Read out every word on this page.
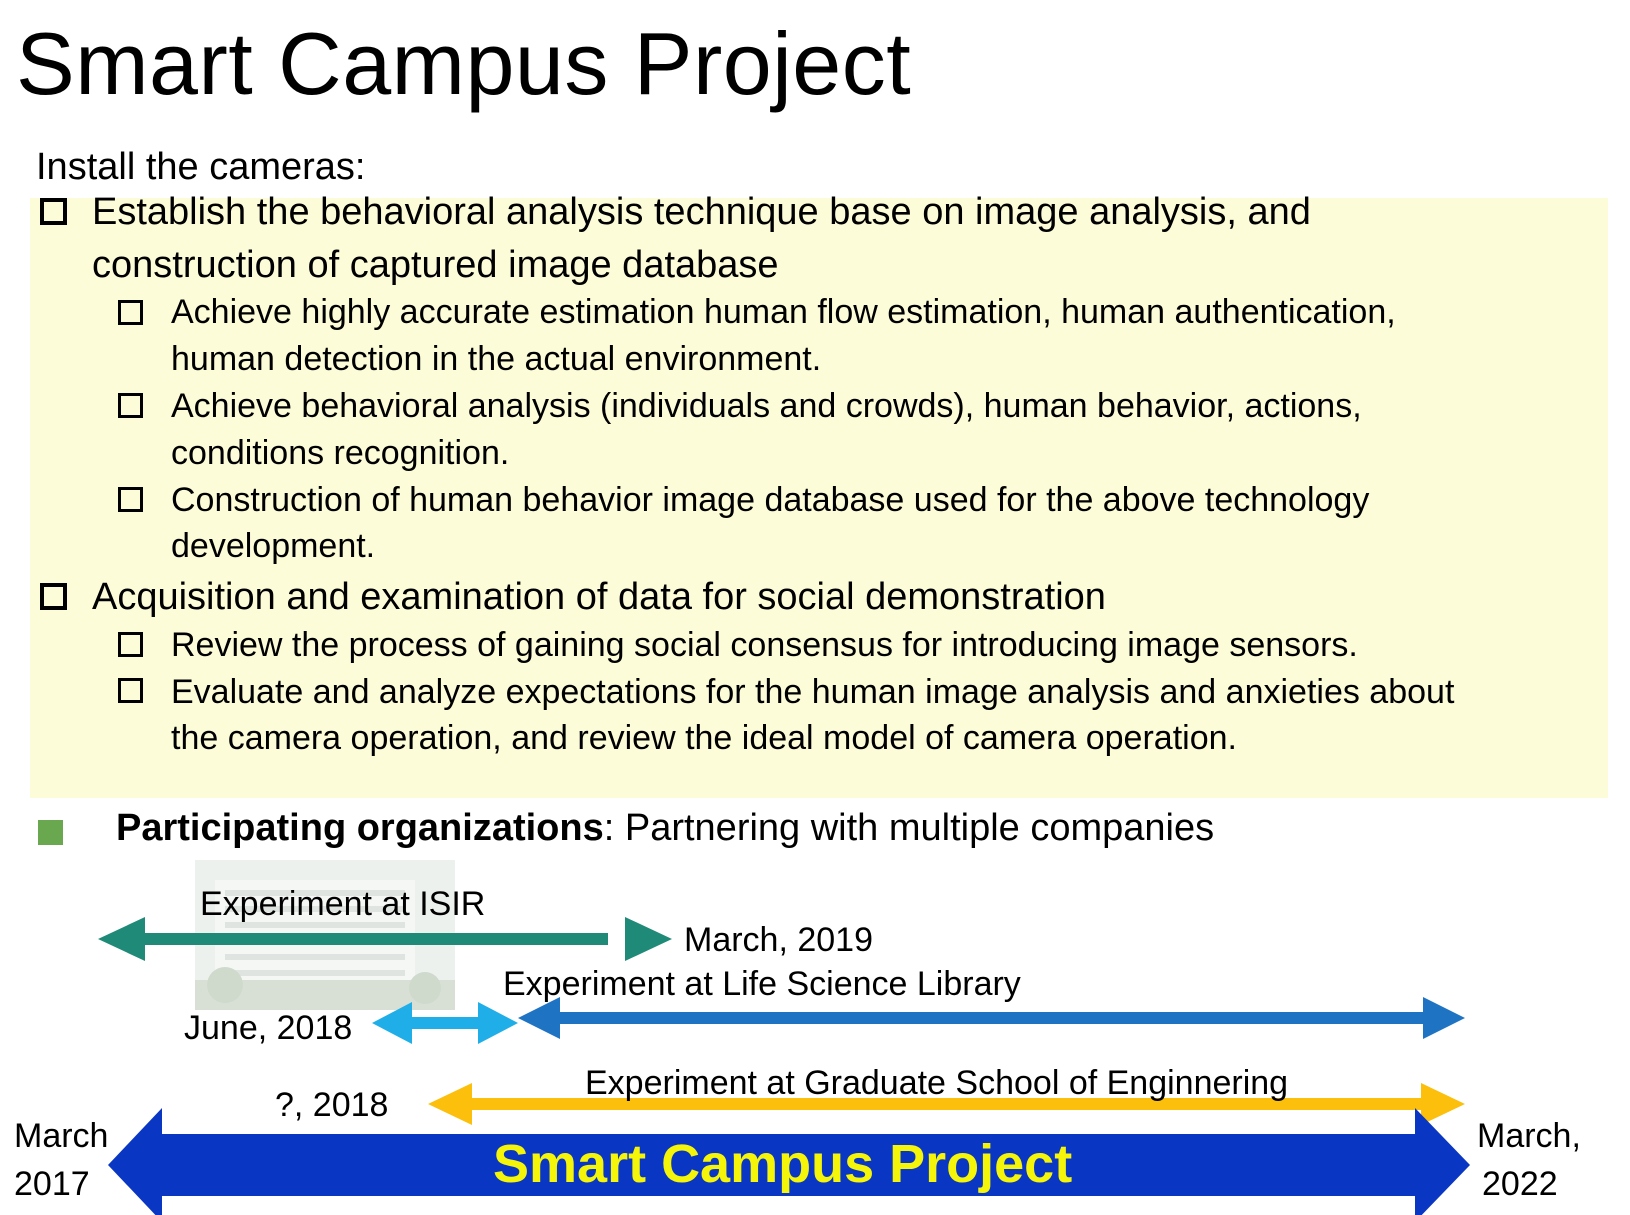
Smart Campus Project
Install the cameras:
Establish the behavioral analysis technique base on image analysis, and
construction of captured image database
Achieve highly accurate estimation human flow estimation, human authentication,
human detection in the actual environment.
Achieve behavioral analysis (individuals and crowds), human behavior, actions,
conditions recognition.
Construction of human behavior image database used for the above technology
development.
Acquisition and examination of data for social demonstration
Review the process of gaining social consensus for introducing image sensors.
Evaluate and analyze expectations for the human image analysis and anxieties about
the camera operation, and review the ideal model of camera operation.
Participating organizations: Partnering with multiple companies
Experiment at ISIR
March, 2019
Experiment at Life Science Library
June, 2018
Experiment at Graduate School of Enginnering
?, 2018
March
2017
March,
2022
Smart Campus Project
